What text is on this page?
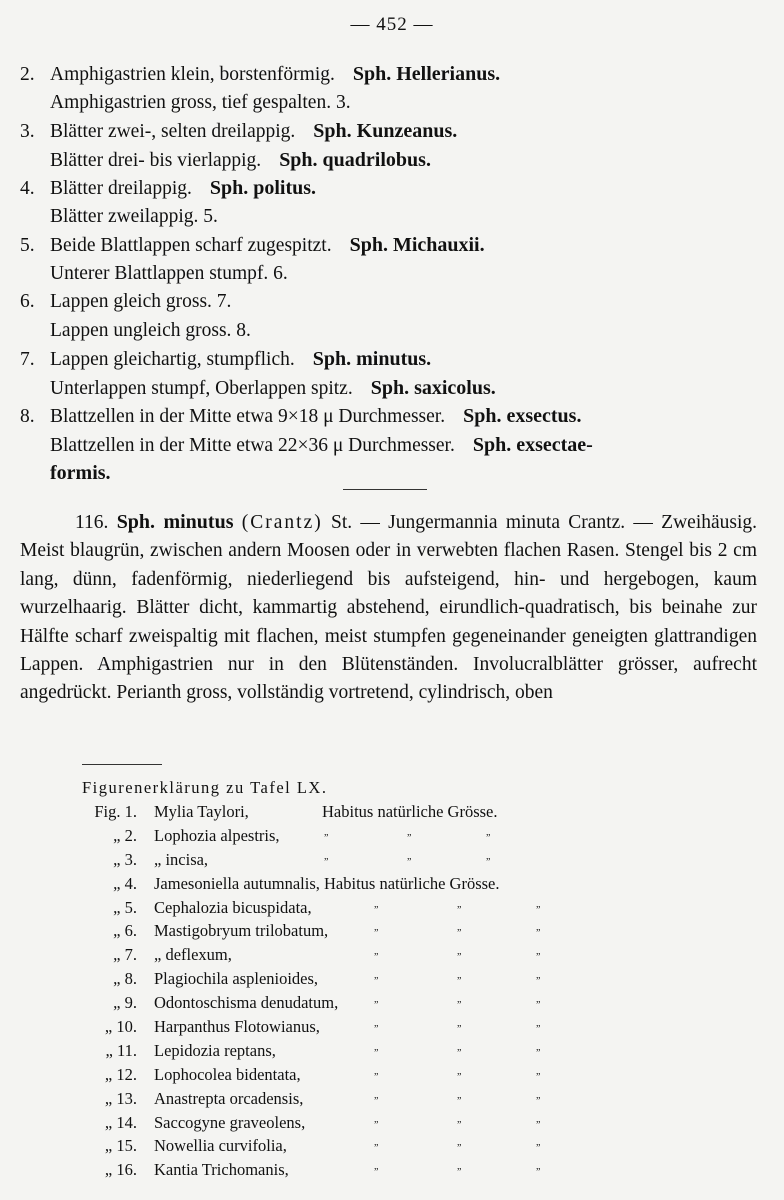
— 452 —
2. Amphigastrien klein, borstenförmig. Sph. Hellerianus.
Amphigastrien gross, tief gespalten. 3.
3. Blätter zwei-, selten dreilappig. Sph. Kunzeanus.
Blätter drei- bis vierlappig. Sph. quadrilobus.
4. Blätter dreilappig. Sph. politus.
Blätter zweilappig. 5.
5. Beide Blattlappen scharf zugespitzt. Sph. Michauxii.
Unterer Blattlappen stumpf. 6.
6. Lappen gleich gross. 7.
Lappen ungleich gross. 8.
7. Lappen gleichartig, stumpflich. Sph. minutus.
Unterlappen stumpf, Oberlappen spitz. Sph. saxicolus.
8. Blattzellen in der Mitte etwa 9×18 μ Durchmesser. Sph. exsectus.
Blattzellen in der Mitte etwa 22×36 μ Durchmesser. Sph. exsectae-
formis.

116. Sph. minutus (Crantz) St. — Jungermannia minuta Crantz. — Zweihäusig. Meist blaugrün, zwischen andern Moosen oder in verwebten flachen Rasen. Stengel bis 2 cm lang, dünn, fadenförmig, niederliegend bis aufsteigend, hin- und hergebogen, kaum wurzelhaarig. Blätter dicht, kammartig abstehend, eirundlich-quadratisch, bis beinahe zur Hälfte scharf zweispaltig mit flachen, meist stumpfen gegeneinander geneigten glattrandigen Lappen. Amphigastrien nur in den Blütenständen. Involucralblätter grösser, aufrecht angedrückt. Perianth gross, vollständig vortretend, cylindrisch, oben

Figurenerklärung zu Tafel LX.
Fig. 1. Mylia Taylori,	Habitus natürliche Grösse.
„ 2. Lophozia alpestris,	„	„	„
„ 3. „ incisa,	„	„	„
„ 4. Jamesoniella autumnalis, Habitus natürliche Grösse.
„ 5. Cephalozia bicuspidata,	„	„	„
„ 6. Mastigobryum trilobatum,	„	„	„
„ 7. „ deflexum,	„	„	„
„ 8. Plagiochila asplenioides,	„	„	„
„ 9. Odontoschisma denudatum,	„	„	„
„ 10. Harpanthus Flotowianus,	„	„	„
„ 11. Lepidozia reptans,	„	„	„
„ 12. Lophocolea bidentata,	„	„	„
„ 13. Anastrepta orcadensis,	„	„	„
„ 14. Saccogyne graveolens,	„	„	„
„ 15. Nowellia curvifolia,	„	„	„
„ 16. Kantia Trichomanis,	„	„	„
